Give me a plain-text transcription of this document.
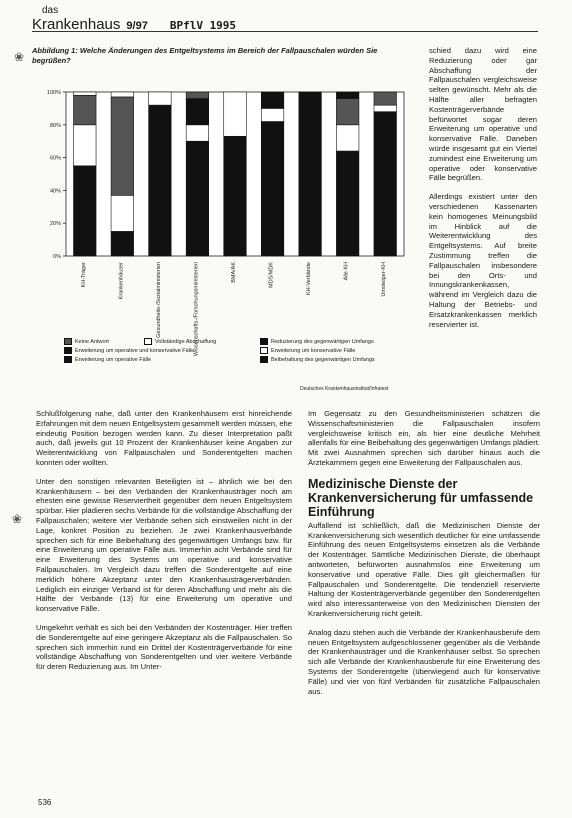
das
Krankenhaus 9/97 BPflV 1995
Abbildung 1: Welche Änderungen des Entgeltsystems im Bereich der Fallpauschalen würden Sie begrüßen?
0%
20%
40%
60%
80%
100%
KH-Träger	Krankenhäuser	Gesundheits-/Sozialministerien	Wissenschafts-/Forschungsministerien	BMA/AK	MDS/MDK	KH-Verbände	Alle KH	Umsteiger-KH
Keine Antwort	Vollständige Abschaffung	Reduzierung des gegenwärtigen Umfangs
Erweiterung um operative und konservative Fälle	Erweiterung um konservative Fälle
Erweiterung um operative Fälle	Beibehaltung des gegenwärtigen Umfangs
Deutsches Krankenhausinstitut/Infratest

schied dazu wird eine Reduzierung oder gar Abschaffung der Fallpauschalen vergleichsweise selten gewünscht. Mehr als die Hälfte aller befragten Kostenträgerverbände befürwortet sogar deren Erweiterung um operative und konservative Fälle. Daneben würde insgesamt gut ein Viertel zumindest eine Erweiterung um operative oder konservative Fälle begrüßen.

Allerdings existiert unter den verschiedenen Kassenarten kein homogenes Meinungsbild im Hinblick auf die Weiterentwicklung des Entgeltsystems. Auf breite Zustimmung treffen die Fallpauschalen insbesondere bei den Orts- und Innungskrankenkassen, während im Vergleich dazu die Haltung der Betriebs- und Ersatzkrankenkassen merklich reservierter ist.

Schlußfolgerung nahe, daß unter den Krankenhäusern erst hinreichende Erfahrungen mit dem neuen Entgeltsystem gesammelt werden müssen, ehe eindeutig Position bezogen werden kann. Zu dieser Interpretation paßt auch, daß jeweils gut 10 Prozent der Krankenhäuser keine Angaben zur Weiterentwicklung von Fallpauschalen und Sonderentgelten machen konnten oder wollten.

Unter den sonstigen relevanten Beteiligten ist – ähnlich wie bei den Krankenhäusern – bei den Verbänden der Krankenhausträger noch am ehesten eine gewisse Reserviertheit gegenüber dem neuen Entgeltsystem spürbar. Hier plädieren sechs Verbände für die vollständige Abschaffung der Fallpauschalen; weitere vier Verbände sehen sich einstweilen nicht in der Lage, konkret Position zu beziehen. Je zwei Krankenhausverbände sprechen sich für eine Beibehaltung des gegenwärtigen Umfangs bzw. für eine Erweiterung um operative Fälle aus. Immerhin acht Verbände sind für eine Erweiterung des Systems um operative und konservative Fallpauschalen. Im Vergleich dazu treffen die Sonderentgelte auf eine merklich höhere Akzeptanz unter den Krankenhausträgerverbänden. Lediglich ein einziger Verband ist für deren Abschaffung und mehr als die Hälfte der Verbände (13) für eine Erweiterung um operative und konservative Fälle.

Umgekehrt verhält es sich bei den Verbänden der Kostenträger. Hier treffen die Sonderentgelte auf eine geringere Akzeptanz als die Fallpauschalen. So sprechen sich immerhin rund ein Drittel der Kostenträgerverbände für eine vollständige Abschaffung von Sonderentgelten und vier weitere Verbände für deren Reduzierung aus. Im Unter-

Im Gegensatz zu den Gesundheitsministerien schätzen die Wissenschaftsministerien die Fallpauschalen insofern vergleichsweise kritisch ein, als hier eine deutliche Mehrheit allenfalls für eine Beibehaltung des gegenwärtigen Umfangs plädiert. Mit zwei Ausnahmen sprechen sich darüber hinaus auch die Ärztekammern gegen eine Erweiterung der Fallpauschalen aus.

Medizinische Dienste der Krankenversicherung für umfassende Einführung

Auffallend ist schließlich, daß die Medizinischen Dienste der Krankenversicherung sich wesentlich deutlicher für eine umfassende Einführung des neuen Entgeltsystems einsetzen als die Verbände der Kostenträger. Sämtliche Medizinischen Dienste, die überhaupt antworteten, befürworten ausnahmslos eine Erweiterung um konservative und operative Fälle. Dies gilt gleichermaßen für Fallpauschalen und Sonderentgelte. Die tendenziell reservierte Haltung der Kostenträgerverbände gegenüber den Sonderentgelten wird also interessanterweise von den Medizinischen Diensten der Krankenversicherung nicht geteilt.

Analog dazu stehen auch die Verbände der Krankenhausberufe dem neuen Entgeltsystem aufgeschlossener gegenüber als die Verbände der Krankenhausträger und die Krankenhäuser selbst. So sprechen sich alle Verbände der Krankenhausberufe für eine Erweiterung des Systems der Sonderentgelte (überwiegend auch für konservative Fälle) und vier von fünf Verbänden für zusätzliche Fallpauschalen aus.

536
❀
❀
